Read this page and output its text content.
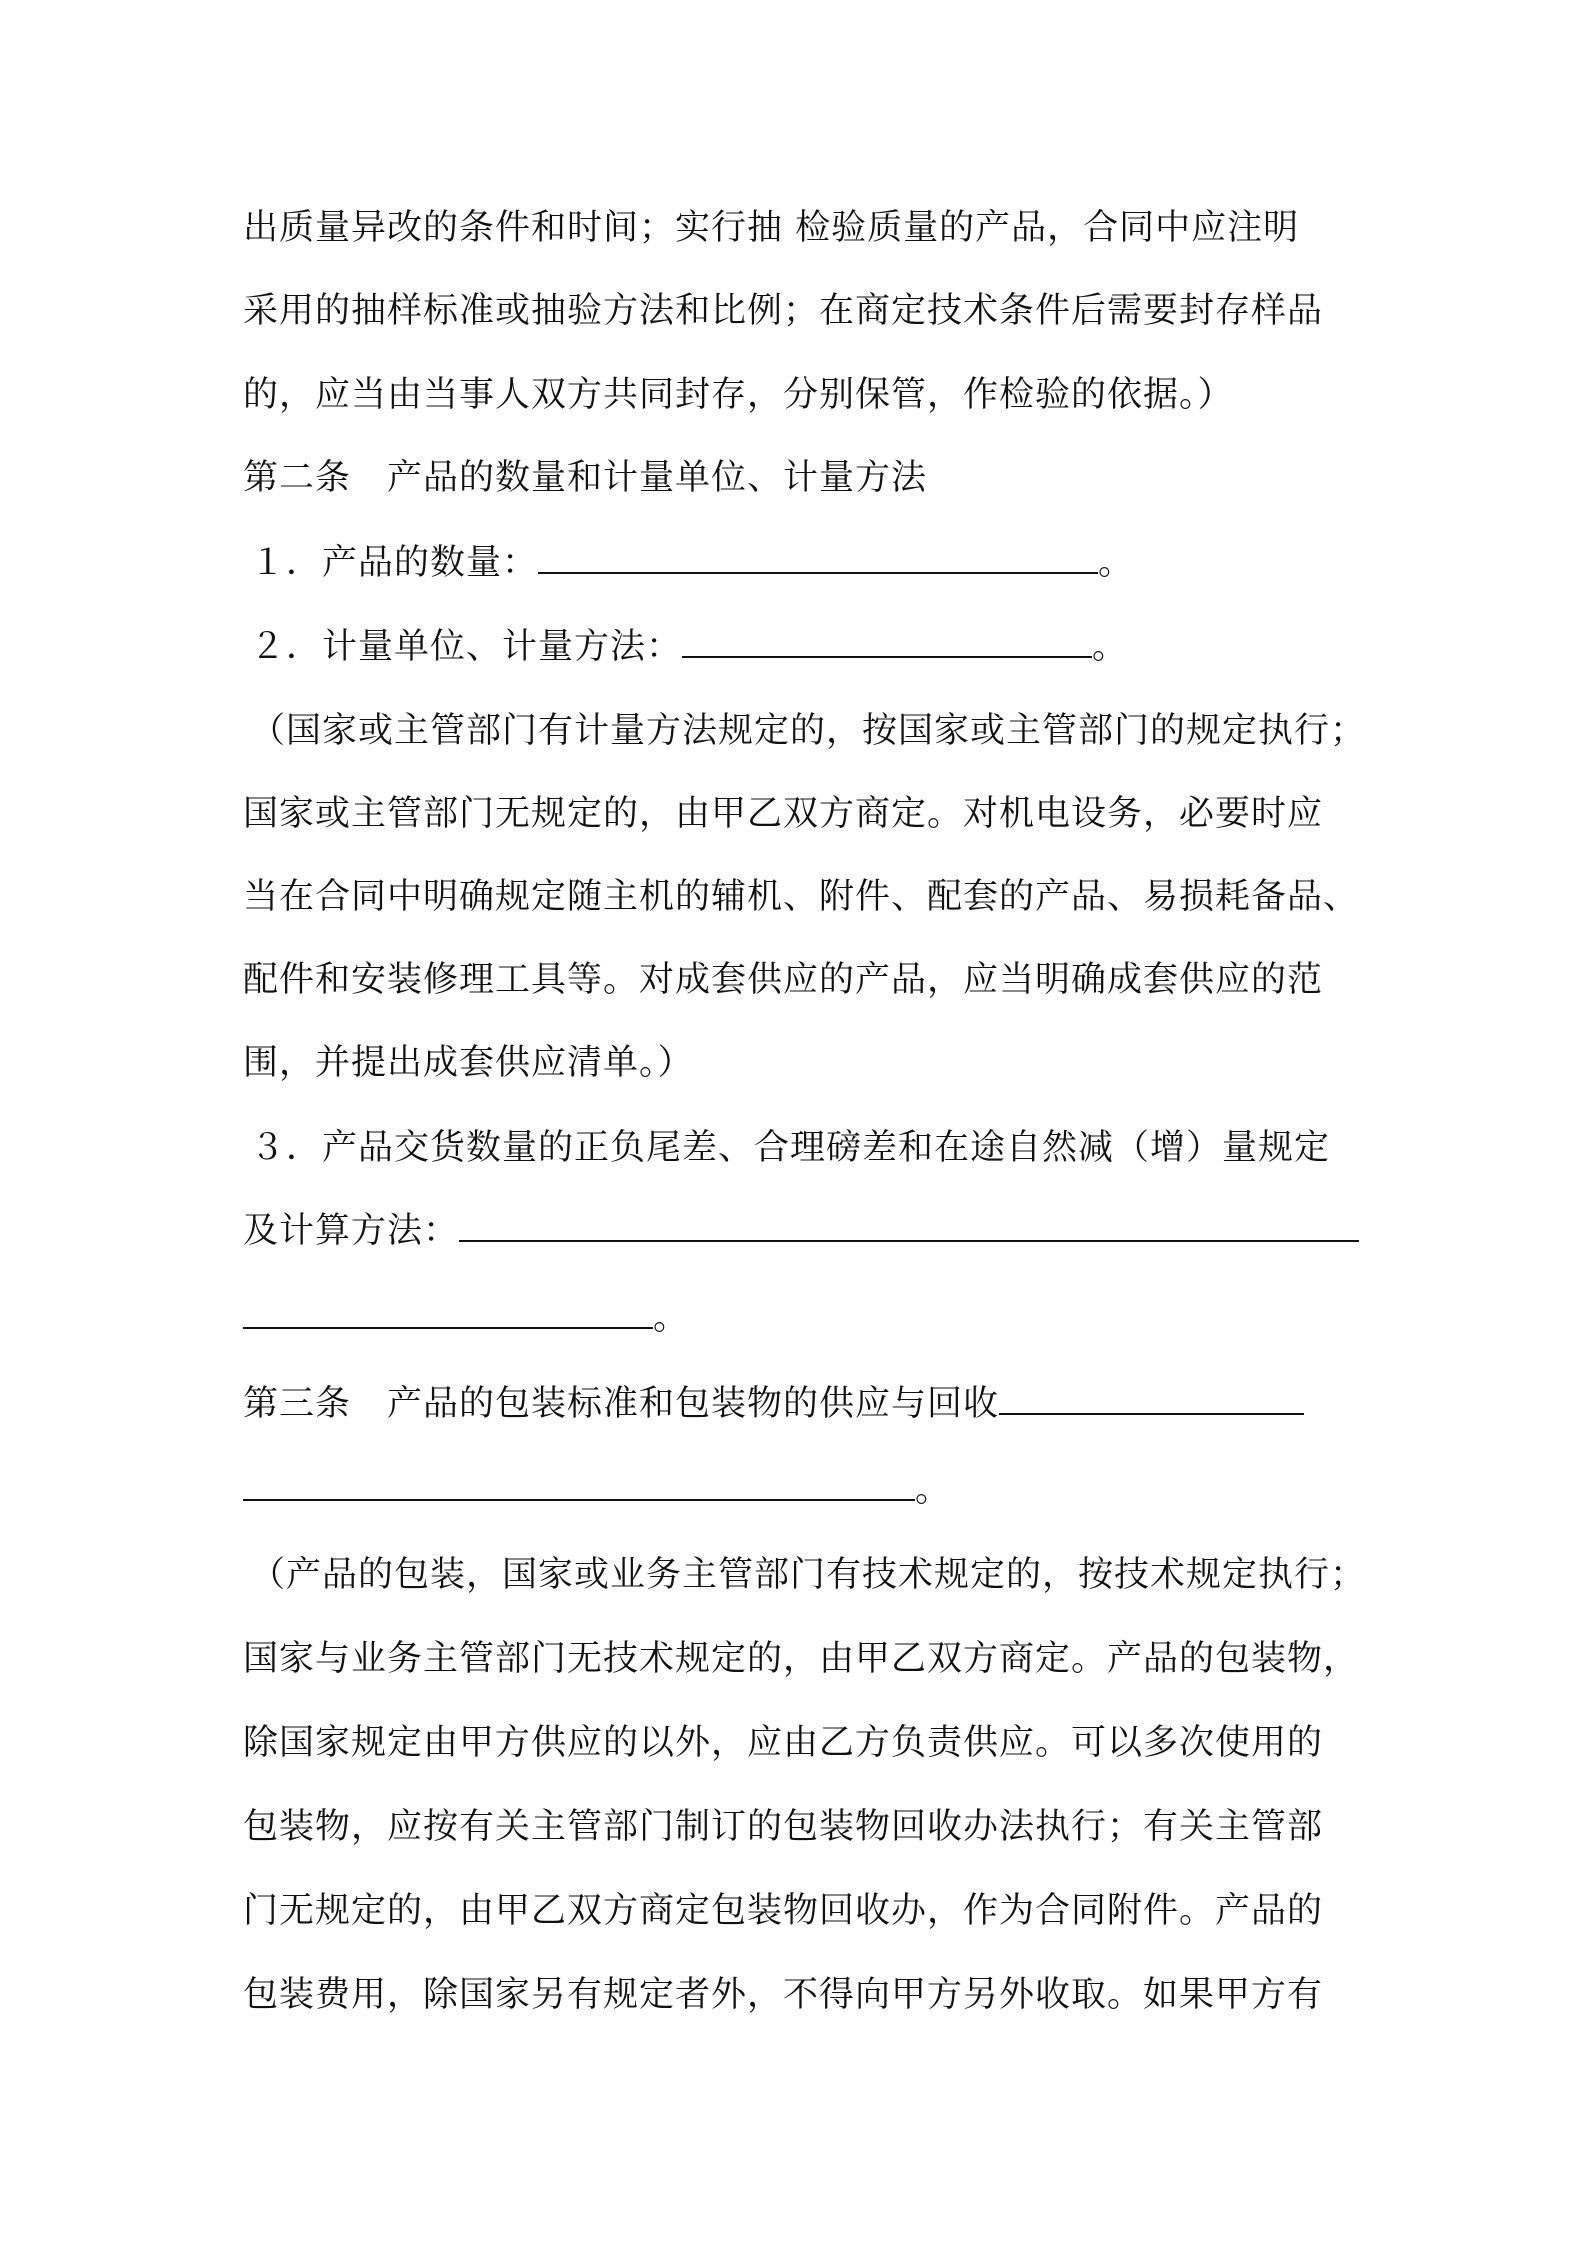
出质量异改的条件和时间；实行抽 检验质量的产品，合同中应注明
采用的抽样标准或抽验方法和比例；在商定技术条件后需要封存样品
的，应当由当事人双方共同封存，分别保管，作检验的依据。）
第二条 产品的数量和计量单位、计量方法
１．产品的数量：	。
２．计量单位、计量方法：	。
（国家或主管部门有计量方法规定的，按国家或主管部门的规定执行；
国家或主管部门无规定的，由甲乙双方商定。对机电设务，必要时应
当在合同中明确规定随主机的辅机、附件、配套的产品、易损耗备品、
配件和安装修理工具等。对成套供应的产品，应当明确成套供应的范
围，并提出成套供应清单。）
３．产品交货数量的正负尾差、合理磅差和在途自然减（增）量规定
及计算方法：
。
第三条 产品的包装标准和包装物的供应与回收
。
（产品的包装，国家或业务主管部门有技术规定的，按技术规定执行；
国家与业务主管部门无技术规定的，由甲乙双方商定。产品的包装物，
除国家规定由甲方供应的以外，应由乙方负责供应。可以多次使用的
包装物，应按有关主管部门制订的包装物回收办法执行；有关主管部
门无规定的，由甲乙双方商定包装物回收办，作为合同附件。产品的
包装费用，除国家另有规定者外，不得向甲方另外收取。如果甲方有
